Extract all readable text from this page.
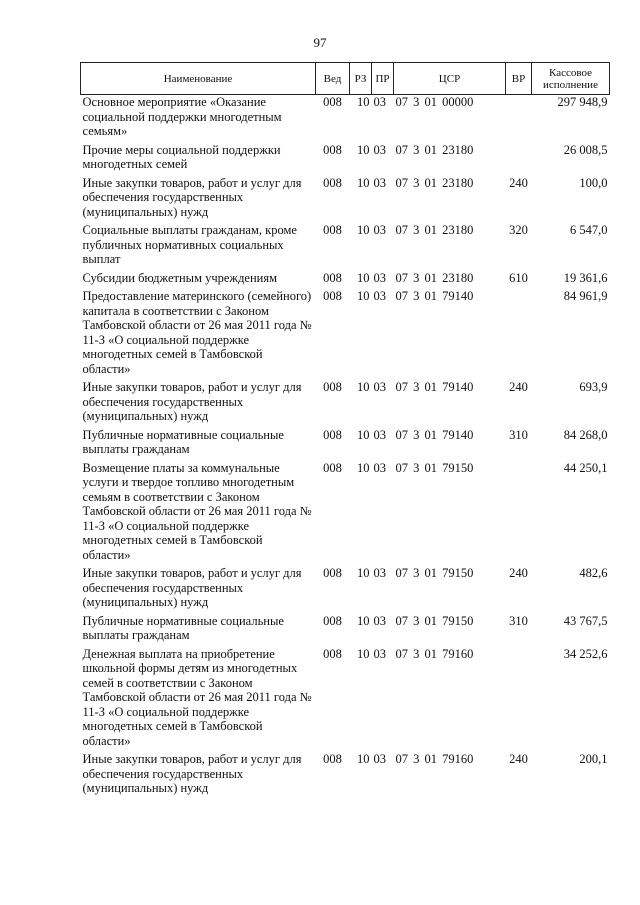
97
Наименование	Вед	РЗ	ПР	ЦСР	ВР	Кассовое исполнение
Основное мероприятие «Оказание социальной поддержки многодетным семьям»	008	10	03	07 3 01 00000		297 948,9
Прочие меры социальной поддержки многодетных семей	008	10	03	07 3 01 23180		26 008,5
Иные закупки товаров, работ и услуг для обеспечения государственных (муниципальных) нужд	008	10	03	07 3 01 23180	240	100,0
Социальные выплаты гражданам, кроме публичных нормативных социальных выплат	008	10	03	07 3 01 23180	320	6 547,0
Субсидии бюджетным учреждениям	008	10	03	07 3 01 23180	610	19 361,6
Предоставление материнского (семейного) капитала в соответствии с Законом Тамбовской области от 26 мая 2011 года № 11-З «О социальной поддержке многодетных семей в Тамбовской области»	008	10	03	07 3 01 79140		84 961,9
Иные закупки товаров, работ и услуг для обеспечения государственных (муниципальных) нужд	008	10	03	07 3 01 79140	240	693,9
Публичные нормативные социальные выплаты гражданам	008	10	03	07 3 01 79140	310	84 268,0
Возмещение платы за коммунальные услуги и твердое топливо многодетным семьям в соответствии с Законом Тамбовской области от 26 мая 2011 года № 11-З «О социальной поддержке многодетных семей в Тамбовской области»	008	10	03	07 3 01 79150		44 250,1
Иные закупки товаров, работ и услуг для обеспечения государственных (муниципальных) нужд	008	10	03	07 3 01 79150	240	482,6
Публичные нормативные социальные выплаты гражданам	008	10	03	07 3 01 79150	310	43 767,5
Денежная выплата на приобретение школьной формы детям из многодетных семей в соответствии с Законом Тамбовской области от 26 мая 2011 года № 11-З «О социальной поддержке многодетных семей в Тамбовской области»	008	10	03	07 3 01 79160		34 252,6
Иные закупки товаров, работ и услуг для обеспечения государственных (муниципальных) нужд	008	10	03	07 3 01 79160	240	200,1
